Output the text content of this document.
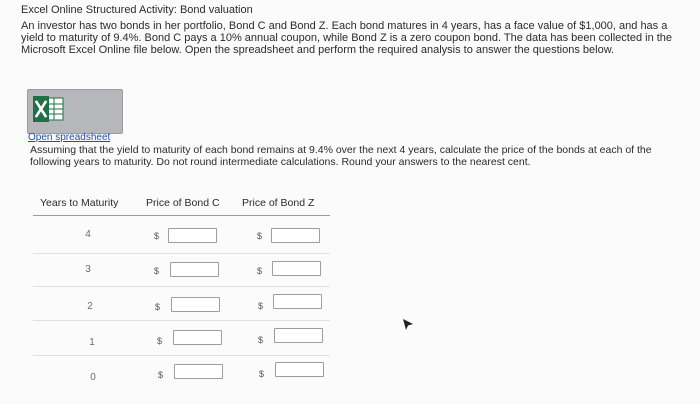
Excel Online Structured Activity: Bond valuation
An investor has two bonds in her portfolio, Bond C and Bond Z. Each bond matures in 4 years, has a face value of $1,000, and has a yield to maturity of 9.4%. Bond C pays a 10% annual coupon, while Bond Z is a zero coupon bond. The data has been collected in the Microsoft Excel Online file below. Open the spreadsheet and perform the required analysis to answer the questions below.
Open spreadsheet
Assuming that the yield to maturity of each bond remains at 9.4% over the next 4 years, calculate the price of the bonds at each of the following years to maturity. Do not round intermediate calculations. Round your answers to the nearest cent.
Years to Maturity	Price of Bond C Price of Bond Z
4	$	$
3	$	$
2	$	$
1	$	$
0	$	$
